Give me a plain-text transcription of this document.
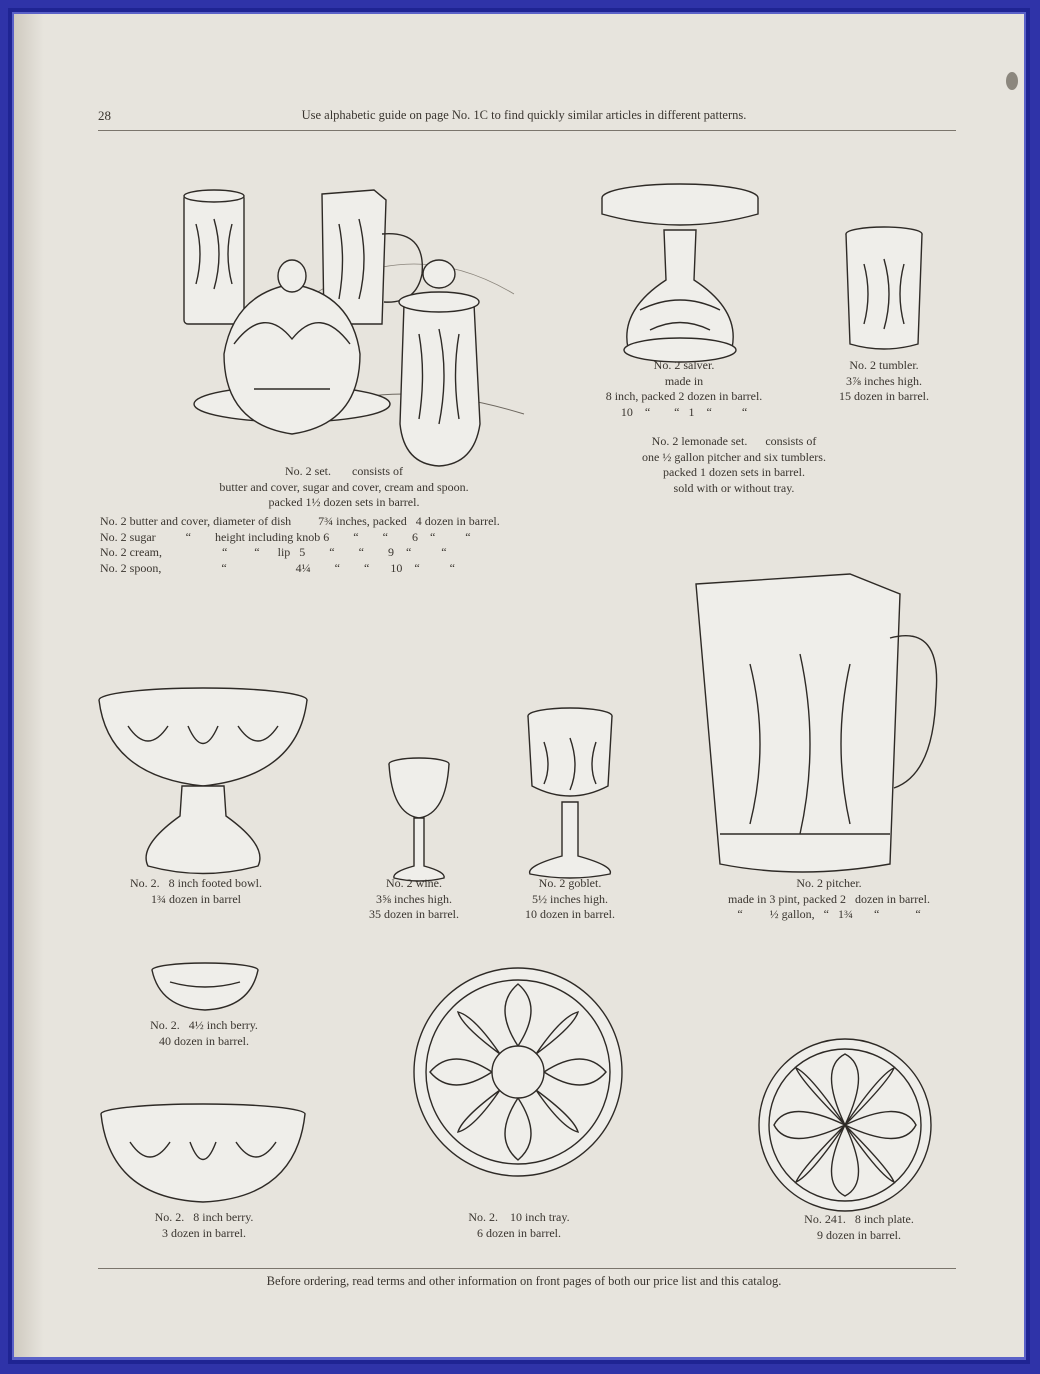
28	Use alphabetic guide on page No. 1C to find quickly similar articles in different patterns.
No. 2 set.       consists of
butter and cover, sugar and cover, cream and spoon.
packed 1½ dozen sets in barrel.
No. 2 butter and cover, diameter of dish         7¾ inches, packed   4 dozen in barrel.
No. 2 sugar          “        height including knob 6        “        “        6    “          “
No. 2 cream,                    “         “      lip   5        “        “        9    “          “
No. 2 spoon,                    “                       4¼        “        “       10    “          “
No. 2 salver.
made in
8 inch, packed 2 dozen in barrel.
10    “        “   1    “          “
No. 2 tumbler.
3⅞ inches high.
15 dozen in barrel.
No. 2 lemonade set.      consists of
one ½ gallon pitcher and six tumblers.
packed 1 dozen sets in barrel.
sold with or without tray.
No. 2.   8 inch footed bowl.
1¾ dozen in barrel
No. 2 wine.
3⅝ inches high.
35 dozen in barrel.
No. 2 goblet.
5½ inches high.
10 dozen in barrel.
No. 2 pitcher.
made in 3 pint, packed 2   dozen in barrel.
“         ½ gallon,   “   1¾       “            “
No. 2.   4½ inch berry.
40 dozen in barrel.
No. 2.   8 inch berry.
3 dozen in barrel.
No. 2.    10 inch tray.
6 dozen in barrel.
No. 241.   8 inch plate.
9 dozen in barrel.
Before ordering, read terms and other information on front pages of both our price list and this catalog.
